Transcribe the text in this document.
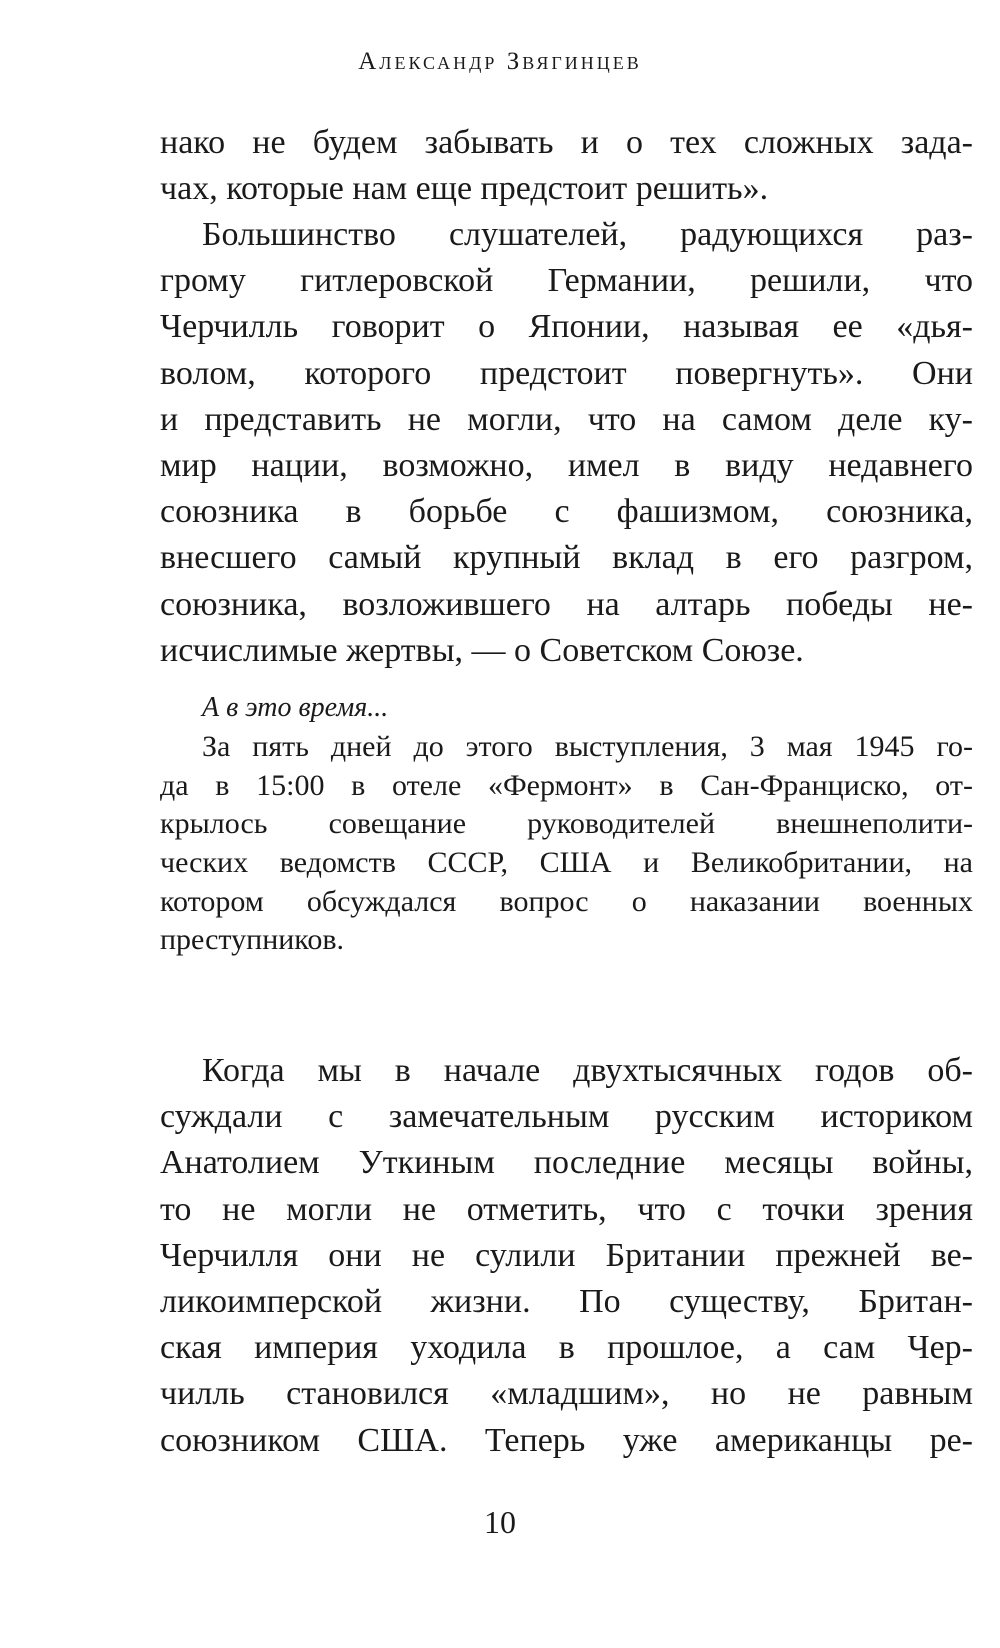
Александр Звягинцев
нако не будем забывать и о тех сложных зада-
чах, которые нам еще предстоит решить».
Большинство слушателей, радующихся раз-
грому гитлеровской Германии, решили, что
Черчилль говорит о Японии, называя ее «дья-
волом, которого предстоит повергнуть». Они
и представить не могли, что на самом деле ку-
мир нации, возможно, имел в виду недавнего
союзника в борьбе с фашизмом, союзника,
внесшего самый крупный вклад в его разгром,
союзника, возложившего на алтарь победы не-
исчислимые жертвы, — о Советском Союзе.
А в это время...
За пять дней до этого выступления, 3 мая 1945 го-
да в 15:00 в отеле «Фермонт» в Сан-Франциско, от-
крылось совещание руководителей внешнеполити-
ческих ведомств СССР, США и Великобритании, на
котором обсуждался вопрос о наказании военных
преступников.
Когда мы в начале двухтысячных годов об-
суждали с замечательным русским историком
Анатолием Уткиным последние месяцы войны,
то не могли не отметить, что с точки зрения
Черчилля они не сулили Британии прежней ве-
ликоимперской жизни. По существу, Британ-
ская империя уходила в прошлое, а сам Чер-
чилль становился «младшим», но не равным
союзником США. Теперь уже американцы ре-
10
